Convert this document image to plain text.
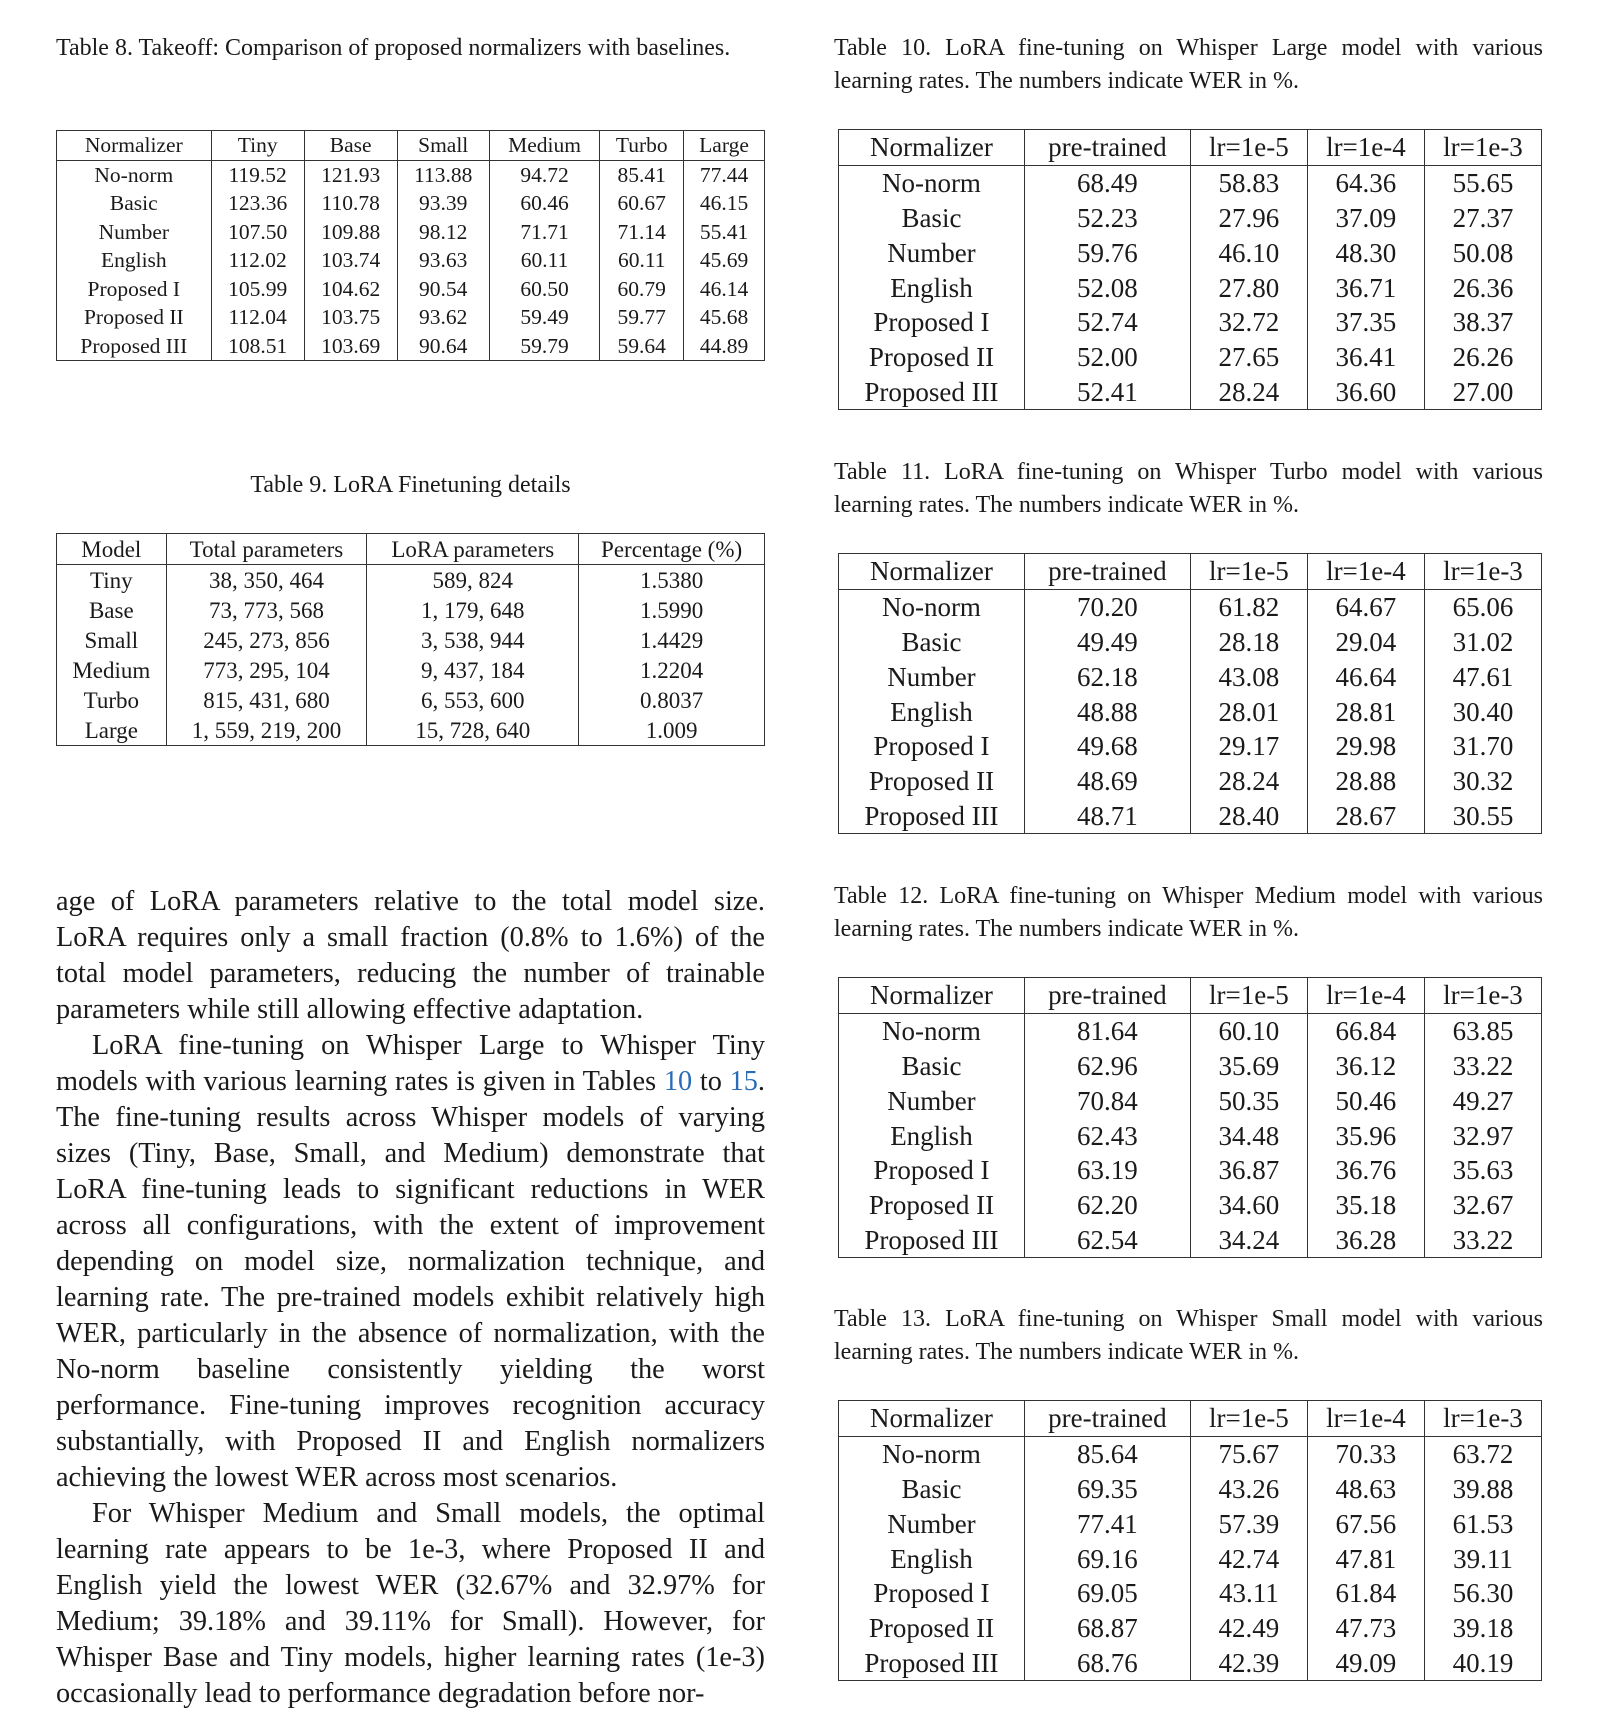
Table 8. Takeoff: Comparison of proposed normalizers with baselines.

Normalizer	Tiny	Base	Small	Medium	Turbo	Large
No-norm	119.52	121.93	113.88	94.72	85.41	77.44
Basic	123.36	110.78	93.39	60.46	60.67	46.15
Number	107.50	109.88	98.12	71.71	71.14	55.41
English	112.02	103.74	93.63	60.11	60.11	45.69
Proposed I	105.99	104.62	90.54	60.50	60.79	46.14
Proposed II	112.04	103.75	93.62	59.49	59.77	45.68
Proposed III	108.51	103.69	90.64	59.79	59.64	44.89

Table 9. LoRA Finetuning details

Model	Total parameters	LoRA parameters	Percentage (%)
Tiny	38, 350, 464	589, 824	1.5380
Base	73, 773, 568	1, 179, 648	1.5990
Small	245, 273, 856	3, 538, 944	1.4429
Medium	773, 295, 104	9, 437, 184	1.2204
Turbo	815, 431, 680	6, 553, 600	0.8037
Large	1, 559, 219, 200	15, 728, 640	1.009

age of LoRA parameters relative to the total model size. LoRA requires only a small fraction (0.8% to 1.6%) of the total model parameters, reducing the number of trainable parameters while still allowing effective adaptation.

LoRA fine-tuning on Whisper Large to Whisper Tiny models with various learning rates is given in Tables 10 to 15. The fine-tuning results across Whisper models of varying sizes (Tiny, Base, Small, and Medium) demonstrate that LoRA fine-tuning leads to significant reductions in WER across all configurations, with the extent of improvement depending on model size, normalization technique, and learning rate. The pre-trained models exhibit relatively high WER, particularly in the absence of normalization, with the No-norm baseline consistently yielding the worst performance. Fine-tuning improves recognition accuracy substantially, with Proposed II and English normalizers achieving the lowest WER across most scenarios.

For Whisper Medium and Small models, the optimal learning rate appears to be 1e-3, where Proposed II and English yield the lowest WER (32.67% and 32.97% for Medium; 39.18% and 39.11% for Small). However, for Whisper Base and Tiny models, higher learning rates (1e-3) occasionally lead to performance degradation before nor-

Table 10. LoRA fine-tuning on Whisper Large model with various learning rates. The numbers indicate WER in %.

Normalizer	pre-trained	lr=1e-5	lr=1e-4	lr=1e-3
No-norm	68.49	58.83	64.36	55.65
Basic	52.23	27.96	37.09	27.37
Number	59.76	46.10	48.30	50.08
English	52.08	27.80	36.71	26.36
Proposed I	52.74	32.72	37.35	38.37
Proposed II	52.00	27.65	36.41	26.26
Proposed III	52.41	28.24	36.60	27.00

Table 11. LoRA fine-tuning on Whisper Turbo model with various learning rates. The numbers indicate WER in %.

Normalizer	pre-trained	lr=1e-5	lr=1e-4	lr=1e-3
No-norm	70.20	61.82	64.67	65.06
Basic	49.49	28.18	29.04	31.02
Number	62.18	43.08	46.64	47.61
English	48.88	28.01	28.81	30.40
Proposed I	49.68	29.17	29.98	31.70
Proposed II	48.69	28.24	28.88	30.32
Proposed III	48.71	28.40	28.67	30.55

Table 12. LoRA fine-tuning on Whisper Medium model with various learning rates. The numbers indicate WER in %.

Normalizer	pre-trained	lr=1e-5	lr=1e-4	lr=1e-3
No-norm	81.64	60.10	66.84	63.85
Basic	62.96	35.69	36.12	33.22
Number	70.84	50.35	50.46	49.27
English	62.43	34.48	35.96	32.97
Proposed I	63.19	36.87	36.76	35.63
Proposed II	62.20	34.60	35.18	32.67
Proposed III	62.54	34.24	36.28	33.22

Table 13. LoRA fine-tuning on Whisper Small model with various learning rates. The numbers indicate WER in %.

Normalizer	pre-trained	lr=1e-5	lr=1e-4	lr=1e-3
No-norm	85.64	75.67	70.33	63.72
Basic	69.35	43.26	48.63	39.88
Number	77.41	57.39	67.56	61.53
English	69.16	42.74	47.81	39.11
Proposed I	69.05	43.11	61.84	56.30
Proposed II	68.87	42.49	47.73	39.18
Proposed III	68.76	42.39	49.09	40.19
